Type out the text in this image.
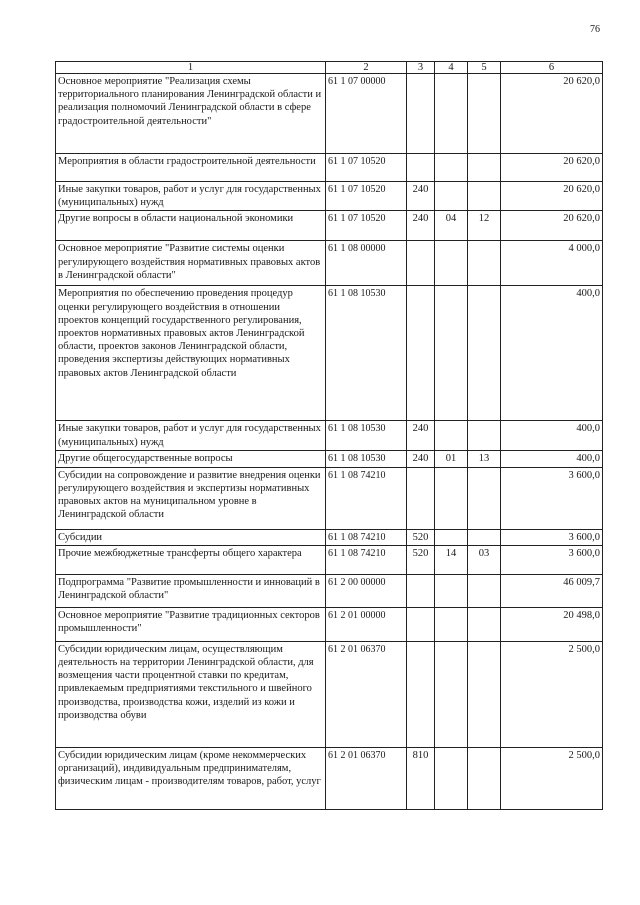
76
1	2	3	4	5	6
Основное мероприятие "Реализация схемы территориального планирования Ленинградской области и реализация полномочий Ленинградской области в сфере градостроительной деятельности"	61 1 07 00000				20 620,0
Мероприятия в области градостроительной деятельности	61 1 07 10520				20 620,0
Иные закупки товаров, работ и услуг для государственных (муниципальных) нужд	61 1 07 10520	240			20 620,0
Другие вопросы в области национальной экономики	61 1 07 10520	240	04	12	20 620,0
Основное мероприятие "Развитие системы оценки регулирующего воздействия нормативных правовых актов в Ленинградской области"	61 1 08 00000				4 000,0
Мероприятия по обеспечению проведения процедур оценки регулирующего воздействия в отношении проектов концепций государственного регулирования, проектов нормативных правовых актов Ленинградской области, проектов законов Ленинградской области, проведения экспертизы действующих нормативных правовых актов Ленинградской области	61 1 08 10530				400,0
Иные закупки товаров, работ и услуг для государственных (муниципальных) нужд	61 1 08 10530	240			400,0
Другие общегосударственные вопросы	61 1 08 10530	240	01	13	400,0
Субсидии на сопровождение и развитие внедрения оценки регулирующего воздействия и экспертизы нормативных правовых актов на муниципальном уровне в Ленинградской области	61 1 08 74210				3 600,0
Субсидии	61 1 08 74210	520			3 600,0
Прочие межбюджетные трансферты общего характера	61 1 08 74210	520	14	03	3 600,0
Подпрограмма "Развитие промышленности и инноваций в Ленинградской области"	61 2 00 00000				46 009,7
Основное мероприятие "Развитие традиционных секторов промышленности"	61 2 01 00000				20 498,0
Субсидии юридическим лицам, осуществляющим деятельность на территории Ленинградской области, для возмещения части процентной ставки по кредитам, привлекаемым предприятиями текстильного и швейного производства, производства кожи, изделий из кожи и производства обуви	61 2 01 06370				2 500,0
Субсидии юридическим лицам (кроме некоммерческих организаций), индивидуальным предпринимателям, физическим лицам - производителям товаров, работ, услуг	61 2 01 06370	810			2 500,0
